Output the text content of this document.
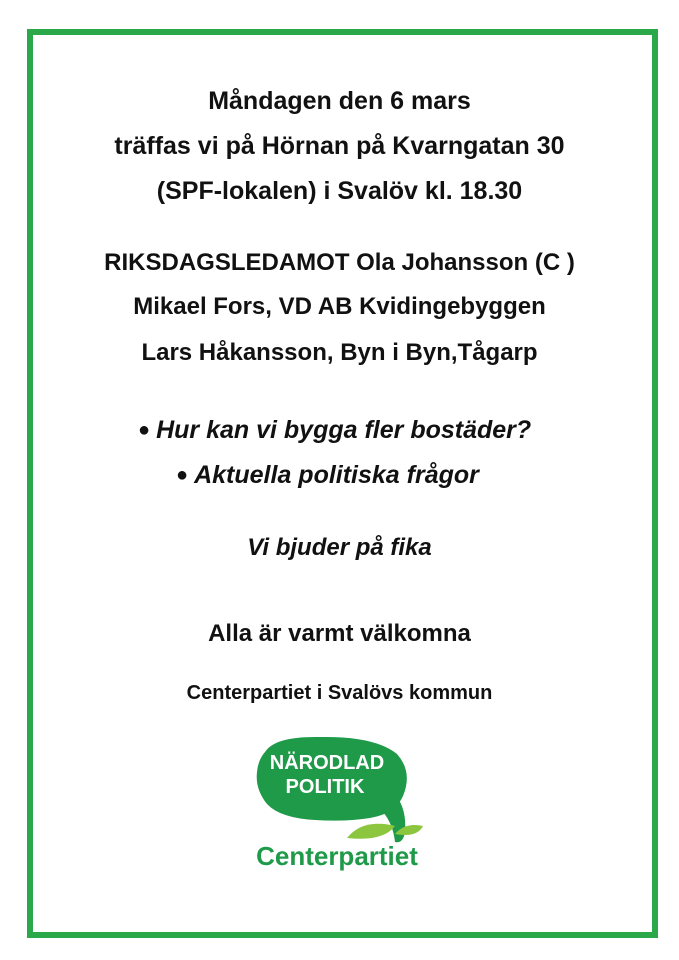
Måndagen den 6 mars
träffas vi på Hörnan på Kvarngatan 30
(SPF-lokalen) i Svalöv kl. 18.30
RIKSDAGSLEDAMOT Ola Johansson (C )
Mikael Fors, VD AB Kvidingebyggen
Lars Håkansson, Byn i Byn,Tågarp
● Hur kan vi bygga fler bostäder?
● Aktuella politiska frågor
Vi bjuder på fika
Alla är varmt välkomna
Centerpartiet i Svalövs kommun
NÄRODLAD
POLITIK
Centerpartiet
